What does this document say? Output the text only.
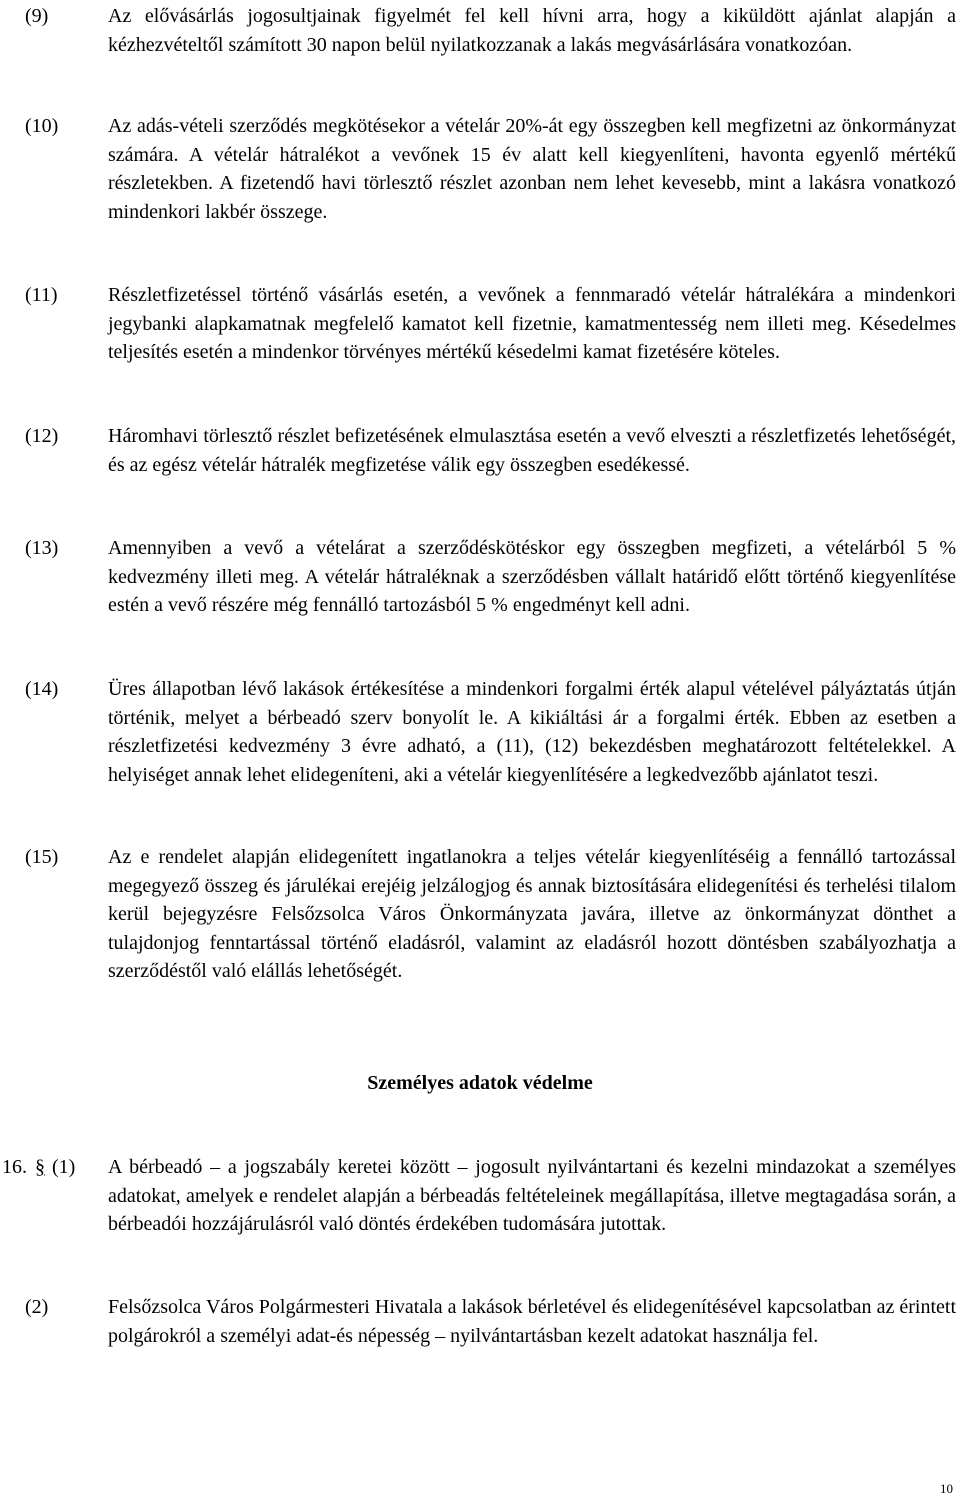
(9)	Az elővásárlás jogosultjainak figyelmét fel kell hívni arra, hogy a kiküldött ajánlat alapján a kézhezvételtől számított 30 napon belül nyilatkozzanak a lakás megvásárlására vonatkozóan.
(10) Az adás-vételi szerződés megkötésekor a vételár 20%-át egy összegben kell megfizetni az önkormányzat számára. A vételár hátralékot a vevőnek 15 év alatt kell kiegyenlíteni, havonta egyenlő mértékű részletekben. A fizetendő havi törlesztő részlet azonban nem lehet kevesebb, mint a lakásra vonatkozó mindenkori lakbér összege.
(11)	Részletfizetéssel történő vásárlás esetén, a vevőnek a fennmaradó vételár hátralékára a mindenkori jegybanki alapkamatnak megfelelő kamatot kell fizetnie, kamatmentesség nem illeti meg. Késedelmes teljesítés esetén a mindenkor törvényes mértékű késedelmi kamat fizetésére köteles.
(12) Háromhavi törlesztő részlet befizetésének elmulasztása esetén a vevő elveszti a részletfizetés lehetőségét, és az egész vételár hátralék megfizetése válik egy összegben esedékessé.
(13) Amennyiben a vevő a vételárat a szerződéskötéskor egy összegben megfizeti, a vételárból 5 % kedvezmény illeti meg. A vételár hátraléknak a szerződésben vállalt határidő előtt történő kiegyenlítése estén a vevő részére még fennálló tartozásból 5 % engedményt kell adni.
(14) Üres állapotban lévő lakások értékesítése a mindenkori forgalmi érték alapul vételével pályáztatás útján történik, melyet a bérbeadó szerv bonyolít le. A kikiáltási ár a forgalmi érték. Ebben az esetben a részletfizetési kedvezmény 3 évre adható, a (11), (12) bekezdésben meghatározott feltételekkel. A helyiséget annak lehet elidegeníteni, aki a vételár kiegyenlítésére a legkedvezőbb ajánlatot teszi.
(15) Az e rendelet alapján elidegenített ingatlanokra a teljes vételár kiegyenlítéséig a fennálló tartozással megegyező összeg és járulékai erejéig jelzálogjog és annak biztosítására elidegenítési és terhelési tilalom kerül bejegyzésre Felsőzsolca Város Önkormányzata javára, illetve az önkormányzat dönthet a tulajdonjog fenntartással történő eladásról, valamint az eladásról hozott döntésben szabályozhatja a szerződéstől való elállás lehetőségét.
Személyes adatok védelme
16. § (1) A bérbeadó – a jogszabály keretei között – jogosult nyilvántartani és kezelni mindazokat a személyes adatokat, amelyek e rendelet alapján a bérbeadás feltételeinek megállapítása, illetve megtagadása során, a bérbeadói hozzájárulásról való döntés érdekében tudomására jutottak.
(2)	Felsőzsolca Város Polgármesteri Hivatala a lakások bérletével és elidegenítésével kapcsolatban az érintett polgárokról a személyi adat-és népesség – nyilvántartásban kezelt adatokat használja fel.
10
